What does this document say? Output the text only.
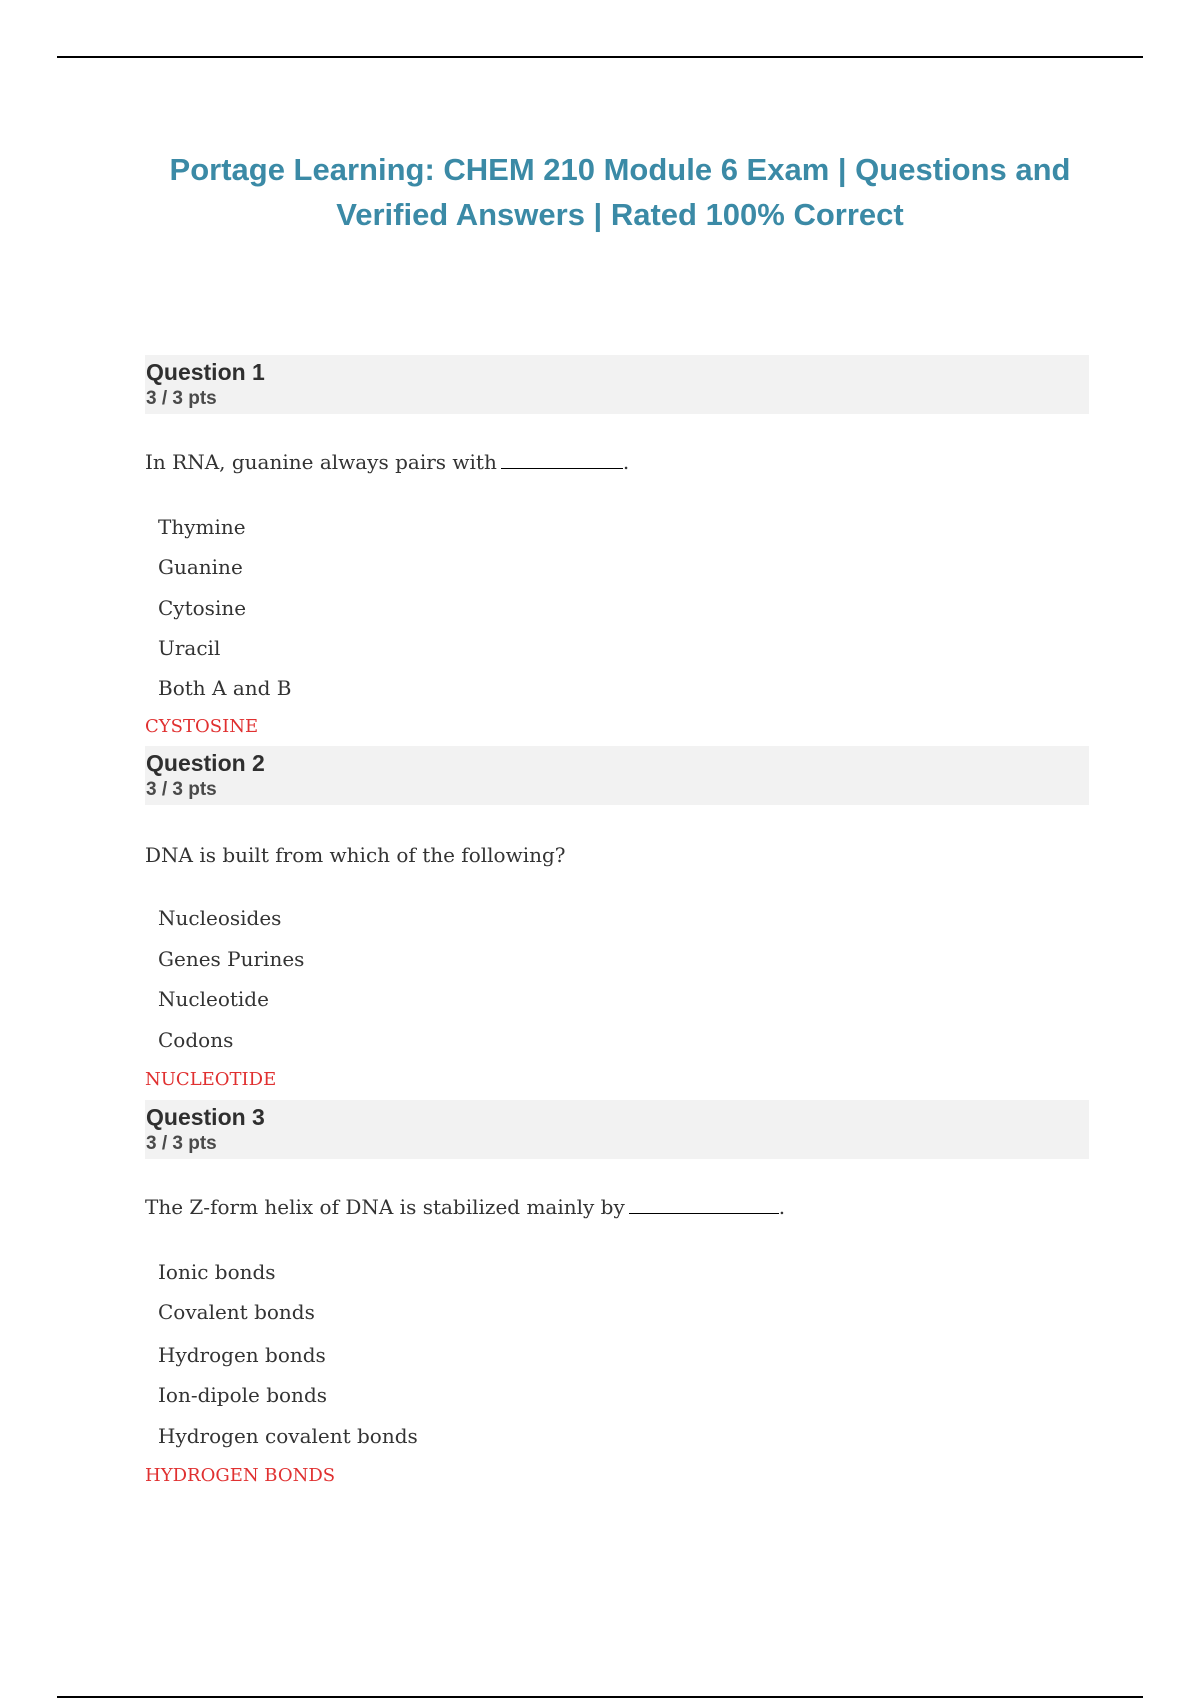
Portage Learning: CHEM 210 Module 6 Exam | Questions and
Verified Answers | Rated 100% Correct
Question 1
3 / 3 pts
In RNA, guanine always pairs with	.
Thymine
Guanine
Cytosine
Uracil
Both A and B
CYSTOSINE
Question 2
3 / 3 pts
DNA is built from which of the following?
Nucleosides
Genes Purines
Nucleotide
Codons
NUCLEOTIDE
Question 3
3 / 3 pts
The Z-form helix of DNA is stabilized mainly by	.
Ionic bonds
Covalent bonds
Hydrogen bonds
Ion-dipole bonds
Hydrogen covalent bonds
HYDROGEN BONDS
